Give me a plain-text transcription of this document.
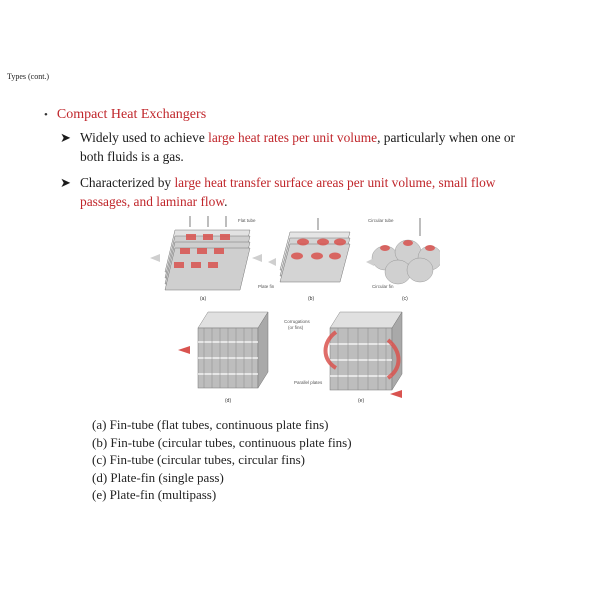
Types (cont.)
• Compact Heat Exchangers
➤ Widely used to achieve large heat rates per unit volume, particularly when one or both fluids is a gas.
➤ Characterized by large heat transfer surface areas per unit volume, small flow passages, and laminar flow.
Flat tube
(a)
Plate fin
(b)
Circular tube
Circular fin
(c)
(d)
Corrugations
(or fins)
Parallel plates
(e)
(a) Fin-tube (flat tubes, continuous plate fins)
(b) Fin-tube (circular tubes, continuous plate fins)
(c) Fin-tube (circular tubes, circular fins)
(d) Plate-fin (single pass)
(e) Plate-fin (multipass)
